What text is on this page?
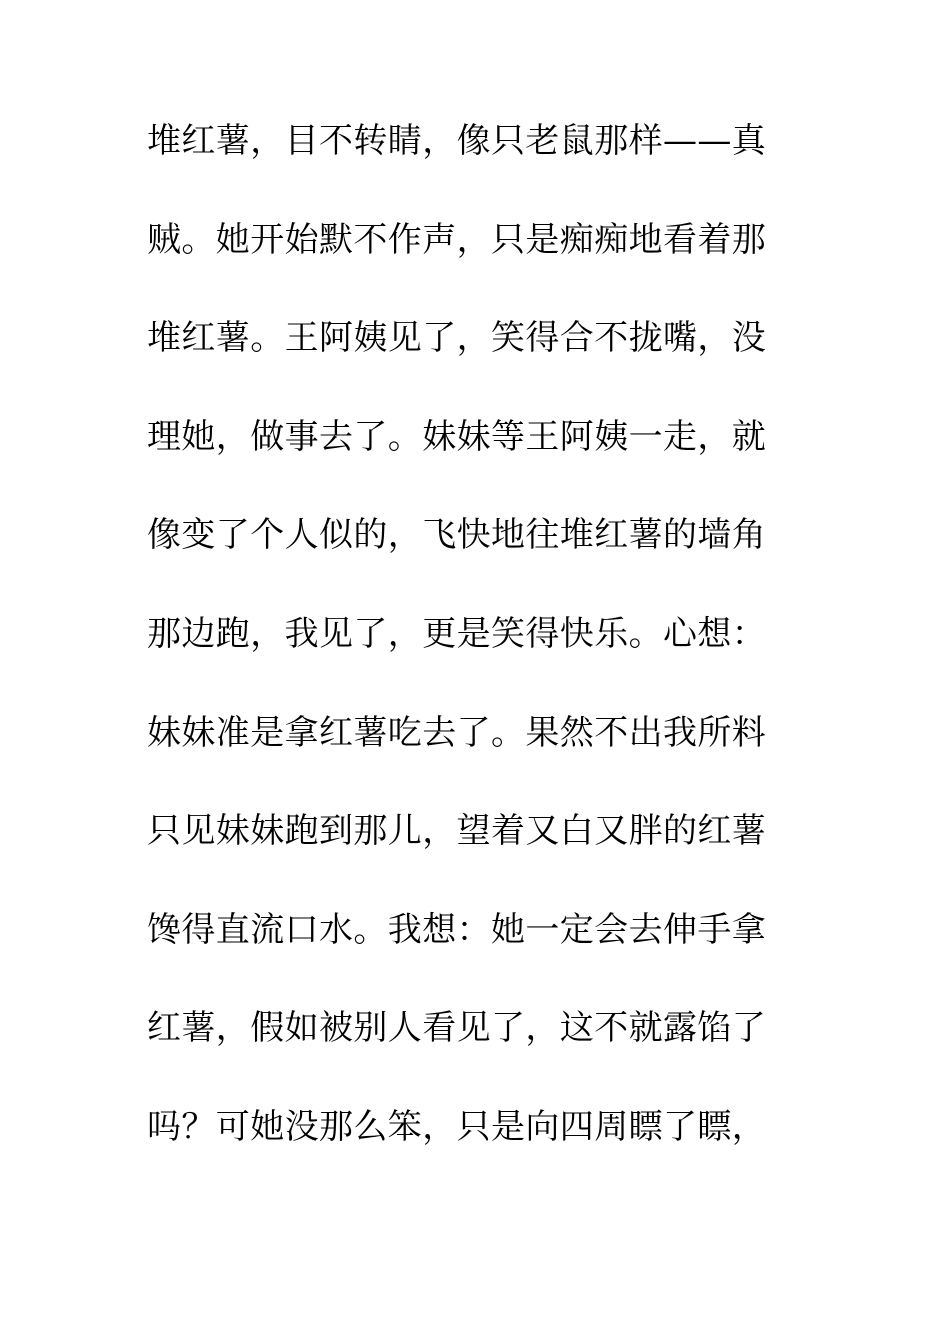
堆红薯，目不转睛，像只老鼠那样——真
贼。她开始默不作声，只是痴痴地看着那
堆红薯。王阿姨见了，笑得合不拢嘴，没
理她，做事去了。妹妹等王阿姨一走，就
像变了个人似的，飞快地往堆红薯的墙角
那边跑，我见了，更是笑得快乐。心想：
妹妹准是拿红薯吃去了。果然不出我所料
只见妹妹跑到那儿，望着又白又胖的红薯
馋得直流口水。我想：她一定会去伸手拿
红薯，假如被别人看见了，这不就露馅了
吗？可她没那么笨，只是向四周瞟了瞟，
